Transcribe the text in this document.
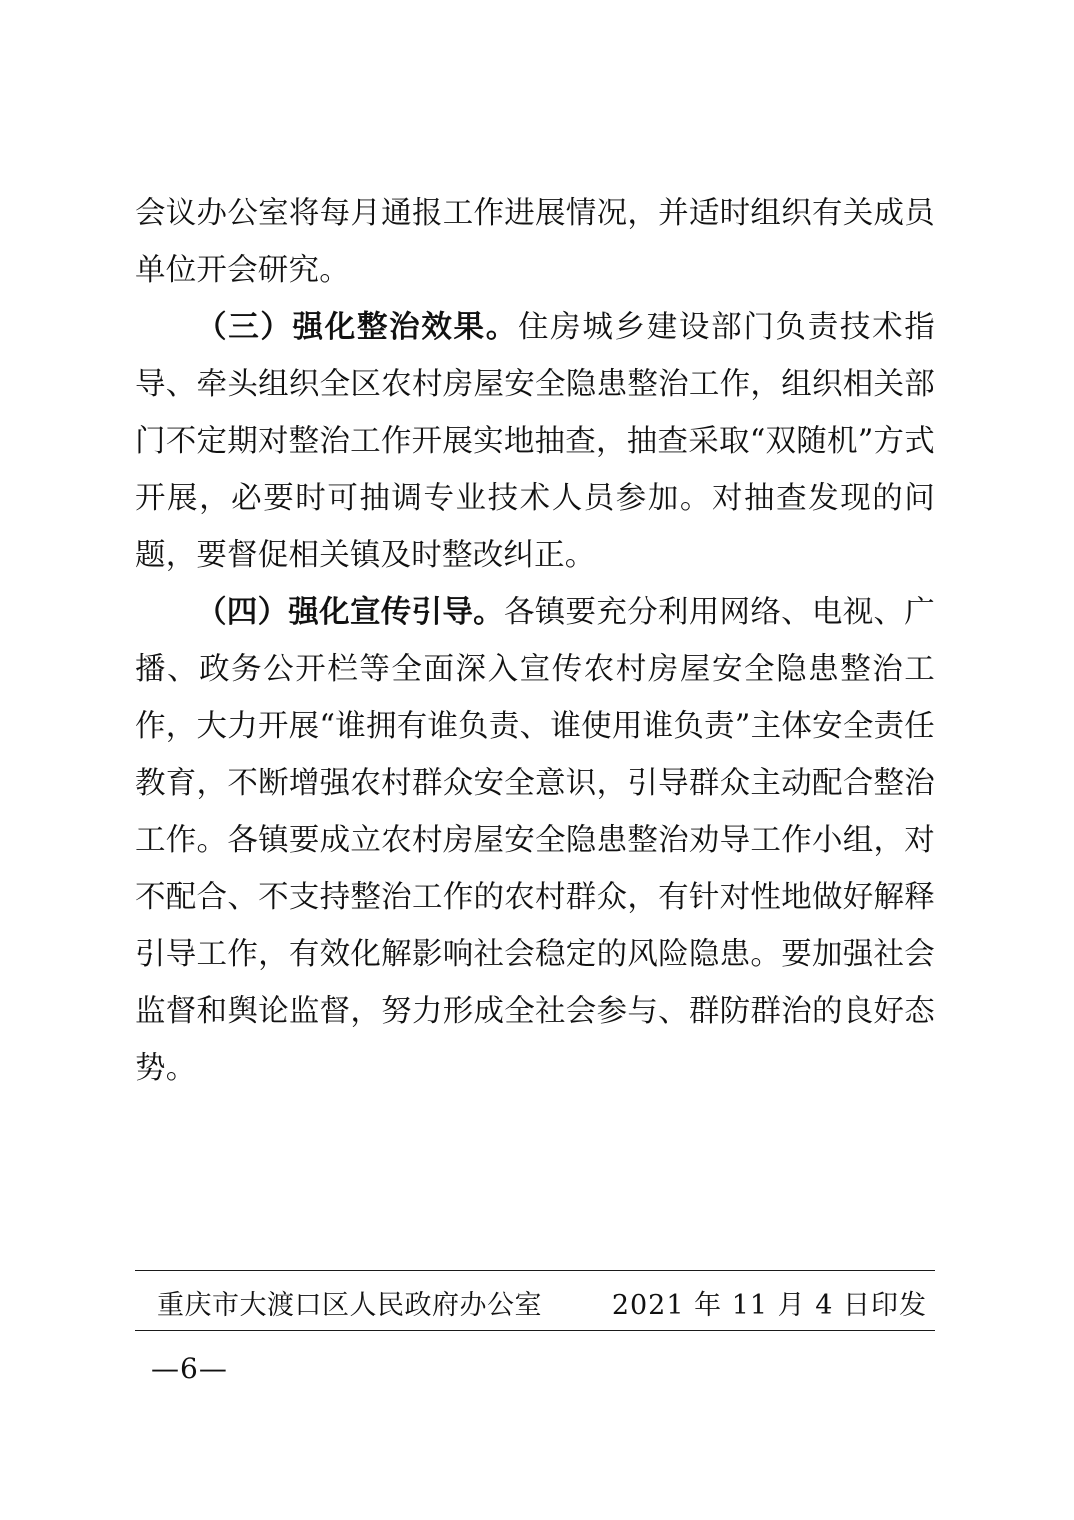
会议办公室将每月通报工作进展情况，并适时组织有关成员单位开会研究。

（三）强化整治效果。住房城乡建设部门负责技术指导、牵头组织全区农村房屋安全隐患整治工作，组织相关部门不定期对整治工作开展实地抽查，抽查采取“双随机”方式开展，必要时可抽调专业技术人员参加。对抽查发现的问题，要督促相关镇及时整改纠正。

（四）强化宣传引导。各镇要充分利用网络、电视、广播、政务公开栏等全面深入宣传农村房屋安全隐患整治工作，大力开展“谁拥有谁负责、谁使用谁负责”主体安全责任教育，不断增强农村群众安全意识，引导群众主动配合整治工作。各镇要成立农村房屋安全隐患整治劝导工作小组，对不配合、不支持整治工作的农村群众，有针对性地做好解释引导工作，有效化解影响社会稳定的风险隐患。要加强社会监督和舆论监督，努力形成全社会参与、群防群治的良好态势。

重庆市大渡口区人民政府办公室	2021 年 11 月 4 日印发
—6—
